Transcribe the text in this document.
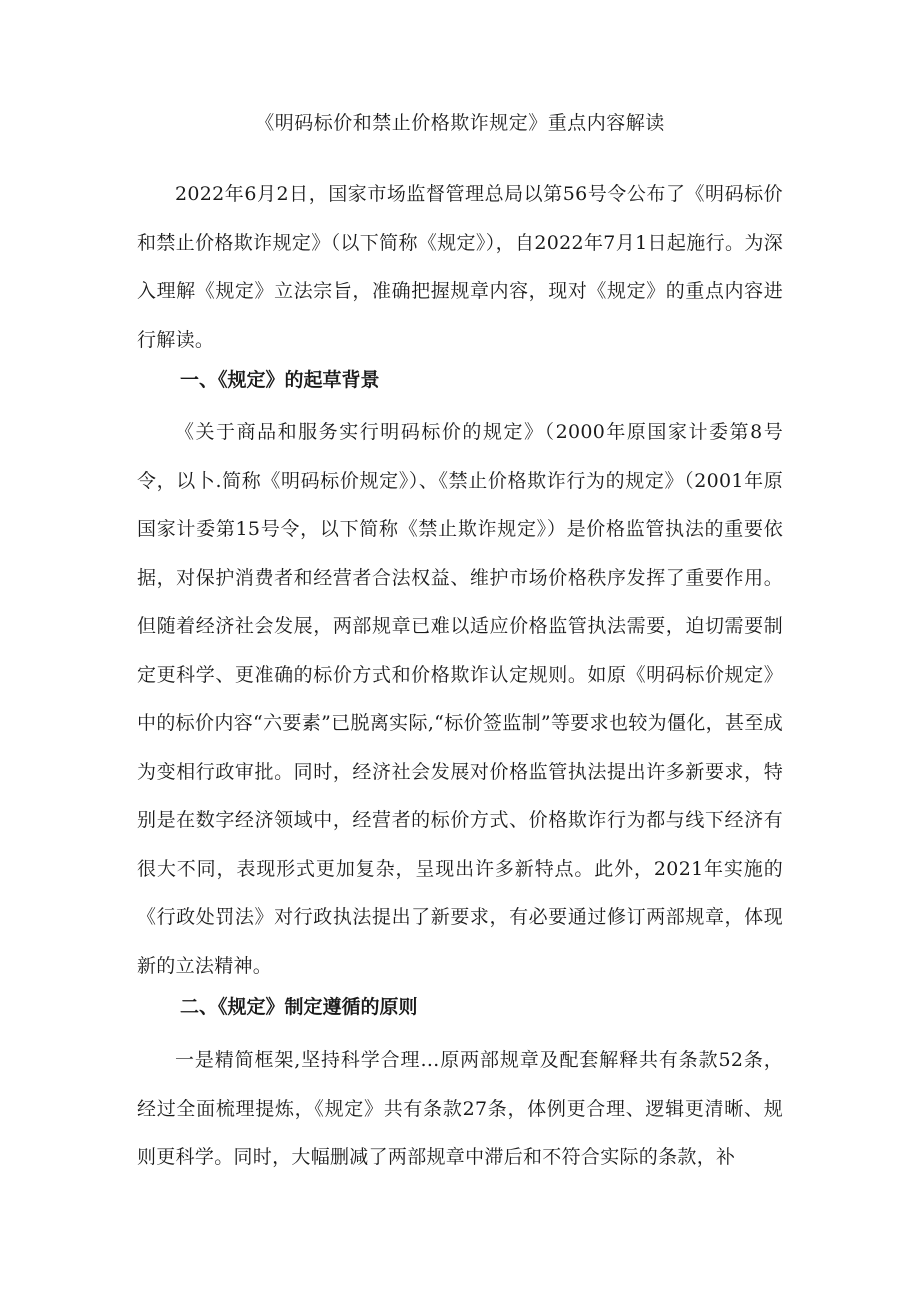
《明码标价和禁止价格欺诈规定》重点内容解读

2022年6月2日，国家市场监督管理总局以第56号令公布了《明码标价和禁止价格欺诈规定》（以下简称《规定》），自2022年7月1日起施行。为深入理解《规定》立法宗旨，准确把握规章内容，现对《规定》的重点内容进行解读。

一、《规定》的起草背景

《关于商品和服务实行明码标价的规定》（2000年原国家计委第8号令，以卜.简称《明码标价规定》）、《禁止价格欺诈行为的规定》（2001年原国家计委第15号令，以下简称《禁止欺诈规定》）是价格监管执法的重要依据，对保护消费者和经营者合法权益、维护市场价格秩序发挥了重要作用。但随着经济社会发展，两部规章已难以适应价格监管执法需要，迫切需要制定更科学、更准确的标价方式和价格欺诈认定规则。如原《明码标价规定》中的标价内容“六要素”已脱离实际,“标价签监制”等要求也较为僵化，甚至成为变相行政审批。同时，经济社会发展对价格监管执法提出许多新要求，特别是在数字经济领域中，经营者的标价方式、价格欺诈行为都与线下经济有很大不同，表现形式更加复杂，呈现出许多新特点。此外，2021年实施的《行政处罚法》对行政执法提出了新要求，有必要通过修订两部规章，体现新的立法精神。

二、《规定》制定遵循的原则

一是精简框架,坚持科学合理…原两部规章及配套解释共有条款52条，经过全面梳理提炼，《规定》共有条款27条，体例更合理、逻辑更清晰、规则更科学。同时，大幅删减了两部规章中滞后和不符合实际的条款，补
